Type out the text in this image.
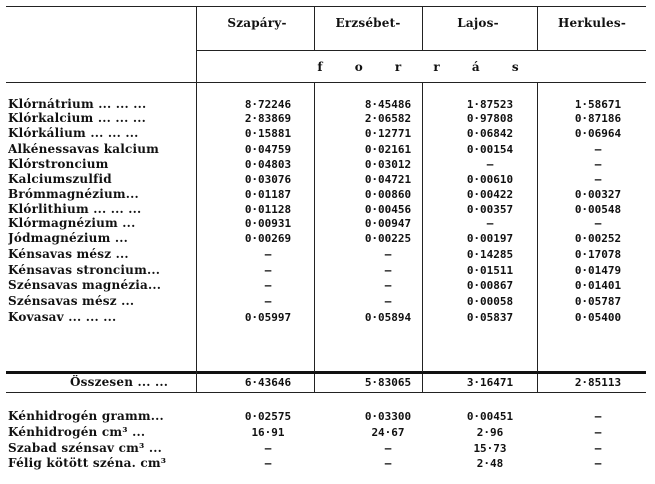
Szapáry-	Erzsébet-	Lajos-	Herkules-
f o r r á s
Klórnátrium ... ... ...	8·72246	8·45486	1·87523	1·58671
Klórkalcium ... ... ...	2·83869	2·06582	0·97808	0·87186
Klórkálium ... ... ...	0·15881	0·12771	0·06842	0·06964
Alkénessavas kalcium	0·04759	0·02161	0·00154	—
Klórstroncium	0·04803	0·03012	—	—
Kalciumszulfid	0·03076	0·04721	0·00610	—
Brómmagnézium...	0·01187	0·00860	0·00422	0·00327
Klórlithium ... ... ...	0·01128	0·00456	0·00357	0·00548
Klórmagnézium ...	0·00931	0·00947	—	—
Jódmagnézium ...	0·00269	0·00225	0·00197	0·00252
Kénsavas mész ...	—	—	0·14285	0·17078
Kénsavas stroncium...	—	—	0·01511	0·01479
Szénsavas magnézia...	—	—	0·00867	0·01401
Szénsavas mész ...	—	—	0·00058	0·05787
Kovasav ... ... ...	0·05997	0·05894	0·05837	0·05400
Összesen ... ...	6·43646	5·83065	3·16471	2·85113
Kénhidrogén gramm...	0·02575	0·03300	0·00451	—
Kénhidrogén cm³ ...	16·91	24·67	2·96	—
Szabad szénsav cm³ ...	—	—	15·73	—
Félig kötött szénа. cm³	—	—	2·48	—
